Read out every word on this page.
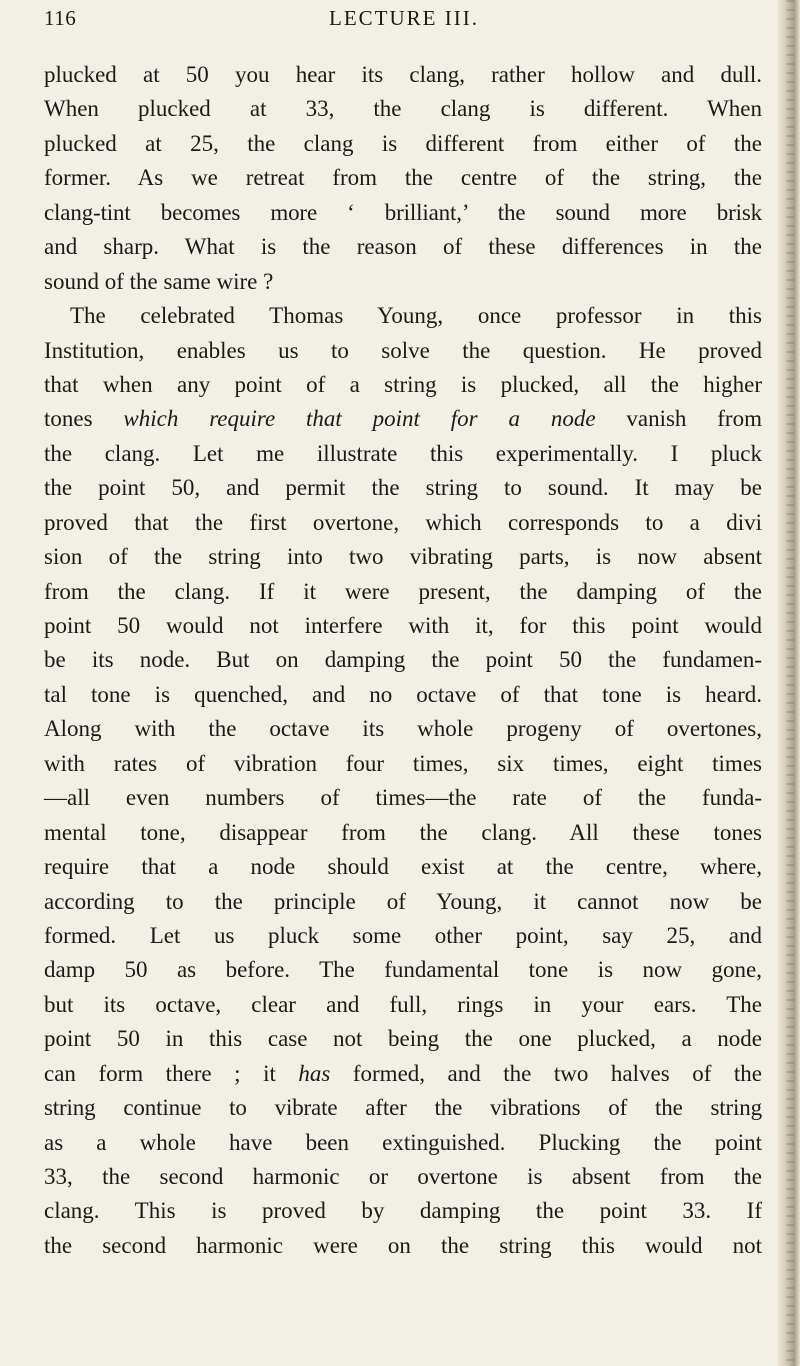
116	LECTURE III.
plucked at 50 you hear its clang, rather hollow and dull.
When plucked at 33, the clang is different. When
plucked at 25, the clang is different from either of the
former. As we retreat from the centre of the string, the
clang-tint becomes more ‘ brilliant,’ the sound more brisk
and sharp. What is the reason of these differences in the
sound of the same wire ?
The celebrated Thomas Young, once professor in this
Institution, enables us to solve the question. He proved
that when any point of a string is plucked, all the higher
tones which require that point for a node vanish from
the clang. Let me illustrate this experimentally. I pluck
the point 50, and permit the string to sound. It may be
proved that the first overtone, which corresponds to a divi
sion of the string into two vibrating parts, is now absent
from the clang. If it were present, the damping of the
point 50 would not interfere with it, for this point would
be its node. But on damping the point 50 the fundamen-
tal tone is quenched, and no octave of that tone is heard.
Along with the octave its whole progeny of overtones,
with rates of vibration four times, six times, eight times
—all even numbers of times—the rate of the funda-
mental tone, disappear from the clang. All these tones
require that a node should exist at the centre, where,
according to the principle of Young, it cannot now be
formed. Let us pluck some other point, say 25, and
damp 50 as before. The fundamental tone is now gone,
but its octave, clear and full, rings in your ears. The
point 50 in this case not being the one plucked, a node
can form there ; it has formed, and the two halves of the
string continue to vibrate after the vibrations of the string
as a whole have been extinguished. Plucking the point
33, the second harmonic or overtone is absent from the
clang. This is proved by damping the point 33. If
the second harmonic were on the string this would not
